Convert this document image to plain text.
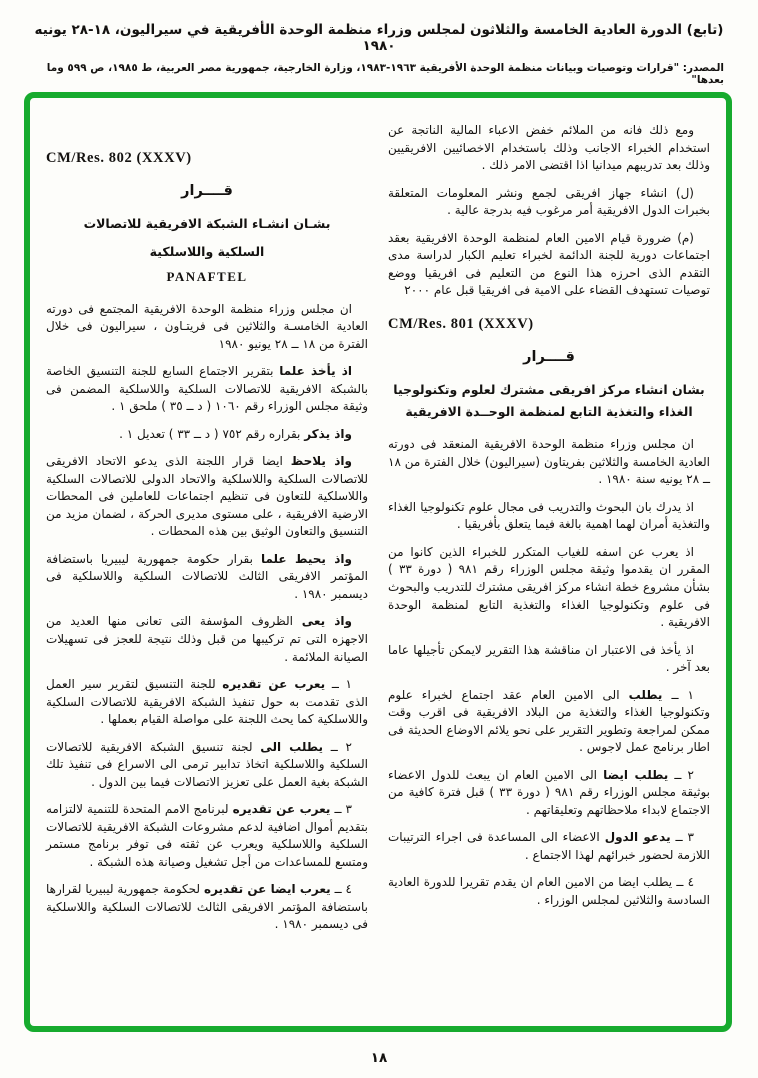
(تابع) الدورة العادية الخامسة والثلاثون لمجلس وزراء منظمة الوحدة الأفريقية في سيراليون، ١٨-٢٨ يونيه ١٩٨٠
المصدر: "قرارات وتوصيات وبيانات منظمة الوحدة الأفريقية ١٩٦٣-١٩٨٣، وزارة الخارجية، جمهورية مصر العربية، ط ١٩٨٥، ص ٥٩٩ وما بعدها"

ومع ذلك فانه من الملائم خفض الاعباء المالية الناتجة عن استخدام الخبراء الاجانب وذلك باستخدام الاخصائيين الافريقيين وذلك بعد تدريبهم ميدانيا اذا اقتضى الامر ذلك .

(ل) انشاء جهاز افريقى لجمع ونشر المعلومات المتعلقة بخبرات الدول الافريقية أمر مرغوب فيه بدرجة عالية .

(م) ضرورة قيام الامين العام لمنظمة الوحدة الافريقية بعقد اجتماعات دورية للجنة الدائمة لخبراء تعليم الكبار لدراسة مدى التقدم الذى احرزه هذا النوع من التعليم فى افريقيا ووضع توصيات تستهدف القضاء على الامية فى افريقيا قبل عام ٢٠٠٠

CM/Res. 801 (XXXV)
قــــرار
بشان انشاء مركز افريقى مشترك لعلوم وتكنولوجيا الغذاء والتغذية التابع لمنظمة الوحــدة الافريقية

ان مجلس وزراء منظمة الوحدة الافريقية المنعقد فى دورته العادية الخامسة والثلاثين بفريتاون (سيراليون) خلال الفترة من ١٨ ــ ٢٨ يونيه سنة ١٩٨٠ .

اذ يدرك بان البحوث والتدريب فى مجال علوم تكنولوجيا الغذاء والتغذية أمران لهما اهمية بالغة فيما يتعلق بأفريقيا .

اذ يعرب عن اسفه للغياب المتكرر للخبراء الذين كانوا من المقرر ان يقدموا وثيقة مجلس الوزراء رقم ٩٨١ ( دورة ٣٣ ) بشأن مشروع خطة انشاء مركز افريقى مشترك للتدريب والبحوث فى علوم وتكنولوجيا الغذاء والتغذية التابع لمنظمة الوحدة الافريقية .

اذ يأخذ فى الاعتبار ان مناقشة هذا التقرير لايمكن تأجيلها عاما بعد آخر .

١ ــ يطلب الى الامين العام عقد اجتماع لخبراء علوم وتكنولوجيا الغذاء والتغذية من البلاد الافريقية فى اقرب وقت ممكن لمراجعة وتطوير التقرير على نحو يلائم الاوضاع الحديثة فى اطار برنامج عمل لاجوس .

٢ ــ يطلب ايضا الى الامين العام ان يبعث للدول الاعضاء بوثيقة مجلس الوزراء رقم ٩٨١ ( دورة ٣٣ ) قبل فترة كافية من الاجتماع لابداء ملاحظاتهم وتعليقاتهم .

٣ ــ يدعو الدول الاعضاء الى المساعدة فى اجراء الترتيبات اللازمة لحضور خبرائهم لهذا الاجتماع .

٤ ــ يطلب ايضا من الامين العام ان يقدم تقريرا للدورة العادية السادسة والثلاثين لمجلس الوزراء .

CM/Res. 802 (XXXV)
قــــرار
بشـان انشـاء الشبكة الافريقية للاتصالات
السلكية واللاسلكية
PANAFTEL

ان مجلس وزراء منظمة الوحدة الافريقية المجتمع فى دورته العادية الخامسـة والثلاثين فى فريتـاون ، سيراليون فى خلال الفترة من ١٨ ــ ٢٨ يونيو ١٩٨٠

اذ يأخذ علما بتقرير الاجتماع السابع للجنة التنسيق الخاصة بالشبكة الافريقية للاتصالات السلكية واللاسلكية المضمن فى وثيقة مجلس الوزراء رقم ١٠٦٠ ( د ــ ٣٥ ) ملحق ١ .

واذ يذكر بقراره رقم ٧٥٢ ( د ــ ٣٣ ) تعديل ١ .

واذ يلاحظ ايضا قرار اللجنة الذى يدعو الاتحاد الافريقى للاتصالات السلكية واللاسلكية والاتحاد الدولى للاتصالات السلكية واللاسلكية للتعاون فى تنظيم اجتماعات للعاملين فى المحطات الارضية الافريقية ، على مستوى مديرى الحركة ، لضمان مزيد من التنسيق والتعاون الوثيق بين هذه المحطات .

واذ يحيط علما بقرار حكومة جمهورية ليبيريا باستضافة المؤتمر الافريقى الثالث للاتصالات السلكية واللاسلكية فى ديسمبر ١٩٨٠ .

واذ يعى الظروف المؤسفة التى تعانى منها العديد من الاجهزه التى تم تركيبها من قبل وذلك نتيجة للعجز فى تسهيلات الصيانة الملائمة .

١ ــ يعرب عن تقديره للجنة التنسيق لتقرير سير العمل الذى تقدمت به حول تنفيذ الشبكة الافريقية للاتصالات السلكية واللاسلكية كما يحث اللجنة على مواصلة القيام بعملها .

٢ ــ يطلب الى لجنة تنسيق الشبكة الافريقية للاتصالات السلكية واللاسلكية اتخاذ تدابير ترمى الى الاسراع فى تنفيذ تلك الشبكة بغية العمل على تعزيز الاتصالات فيما بين الدول .

٣ ــ يعرب عن تقديره لبرنامج الامم المتحدة للتنمية لالتزامه بتقديم أموال اضافية لدعم مشروعات الشبكة الافريقية للاتصالات السلكية واللاسلكية ويعرب عن ثقته فى توفر برنامج مستمر ومتسع للمساعدات من أجل تشغيل وصيانة هذه الشبكة .

٤ ــ يعرب ايضا عن تقديره لحكومة جمهورية ليبيريا لقرارها باستضافة المؤتمر الافريقى الثالث للاتصالات السلكية واللاسلكية فى ديسمبر ١٩٨٠ .

١٨
